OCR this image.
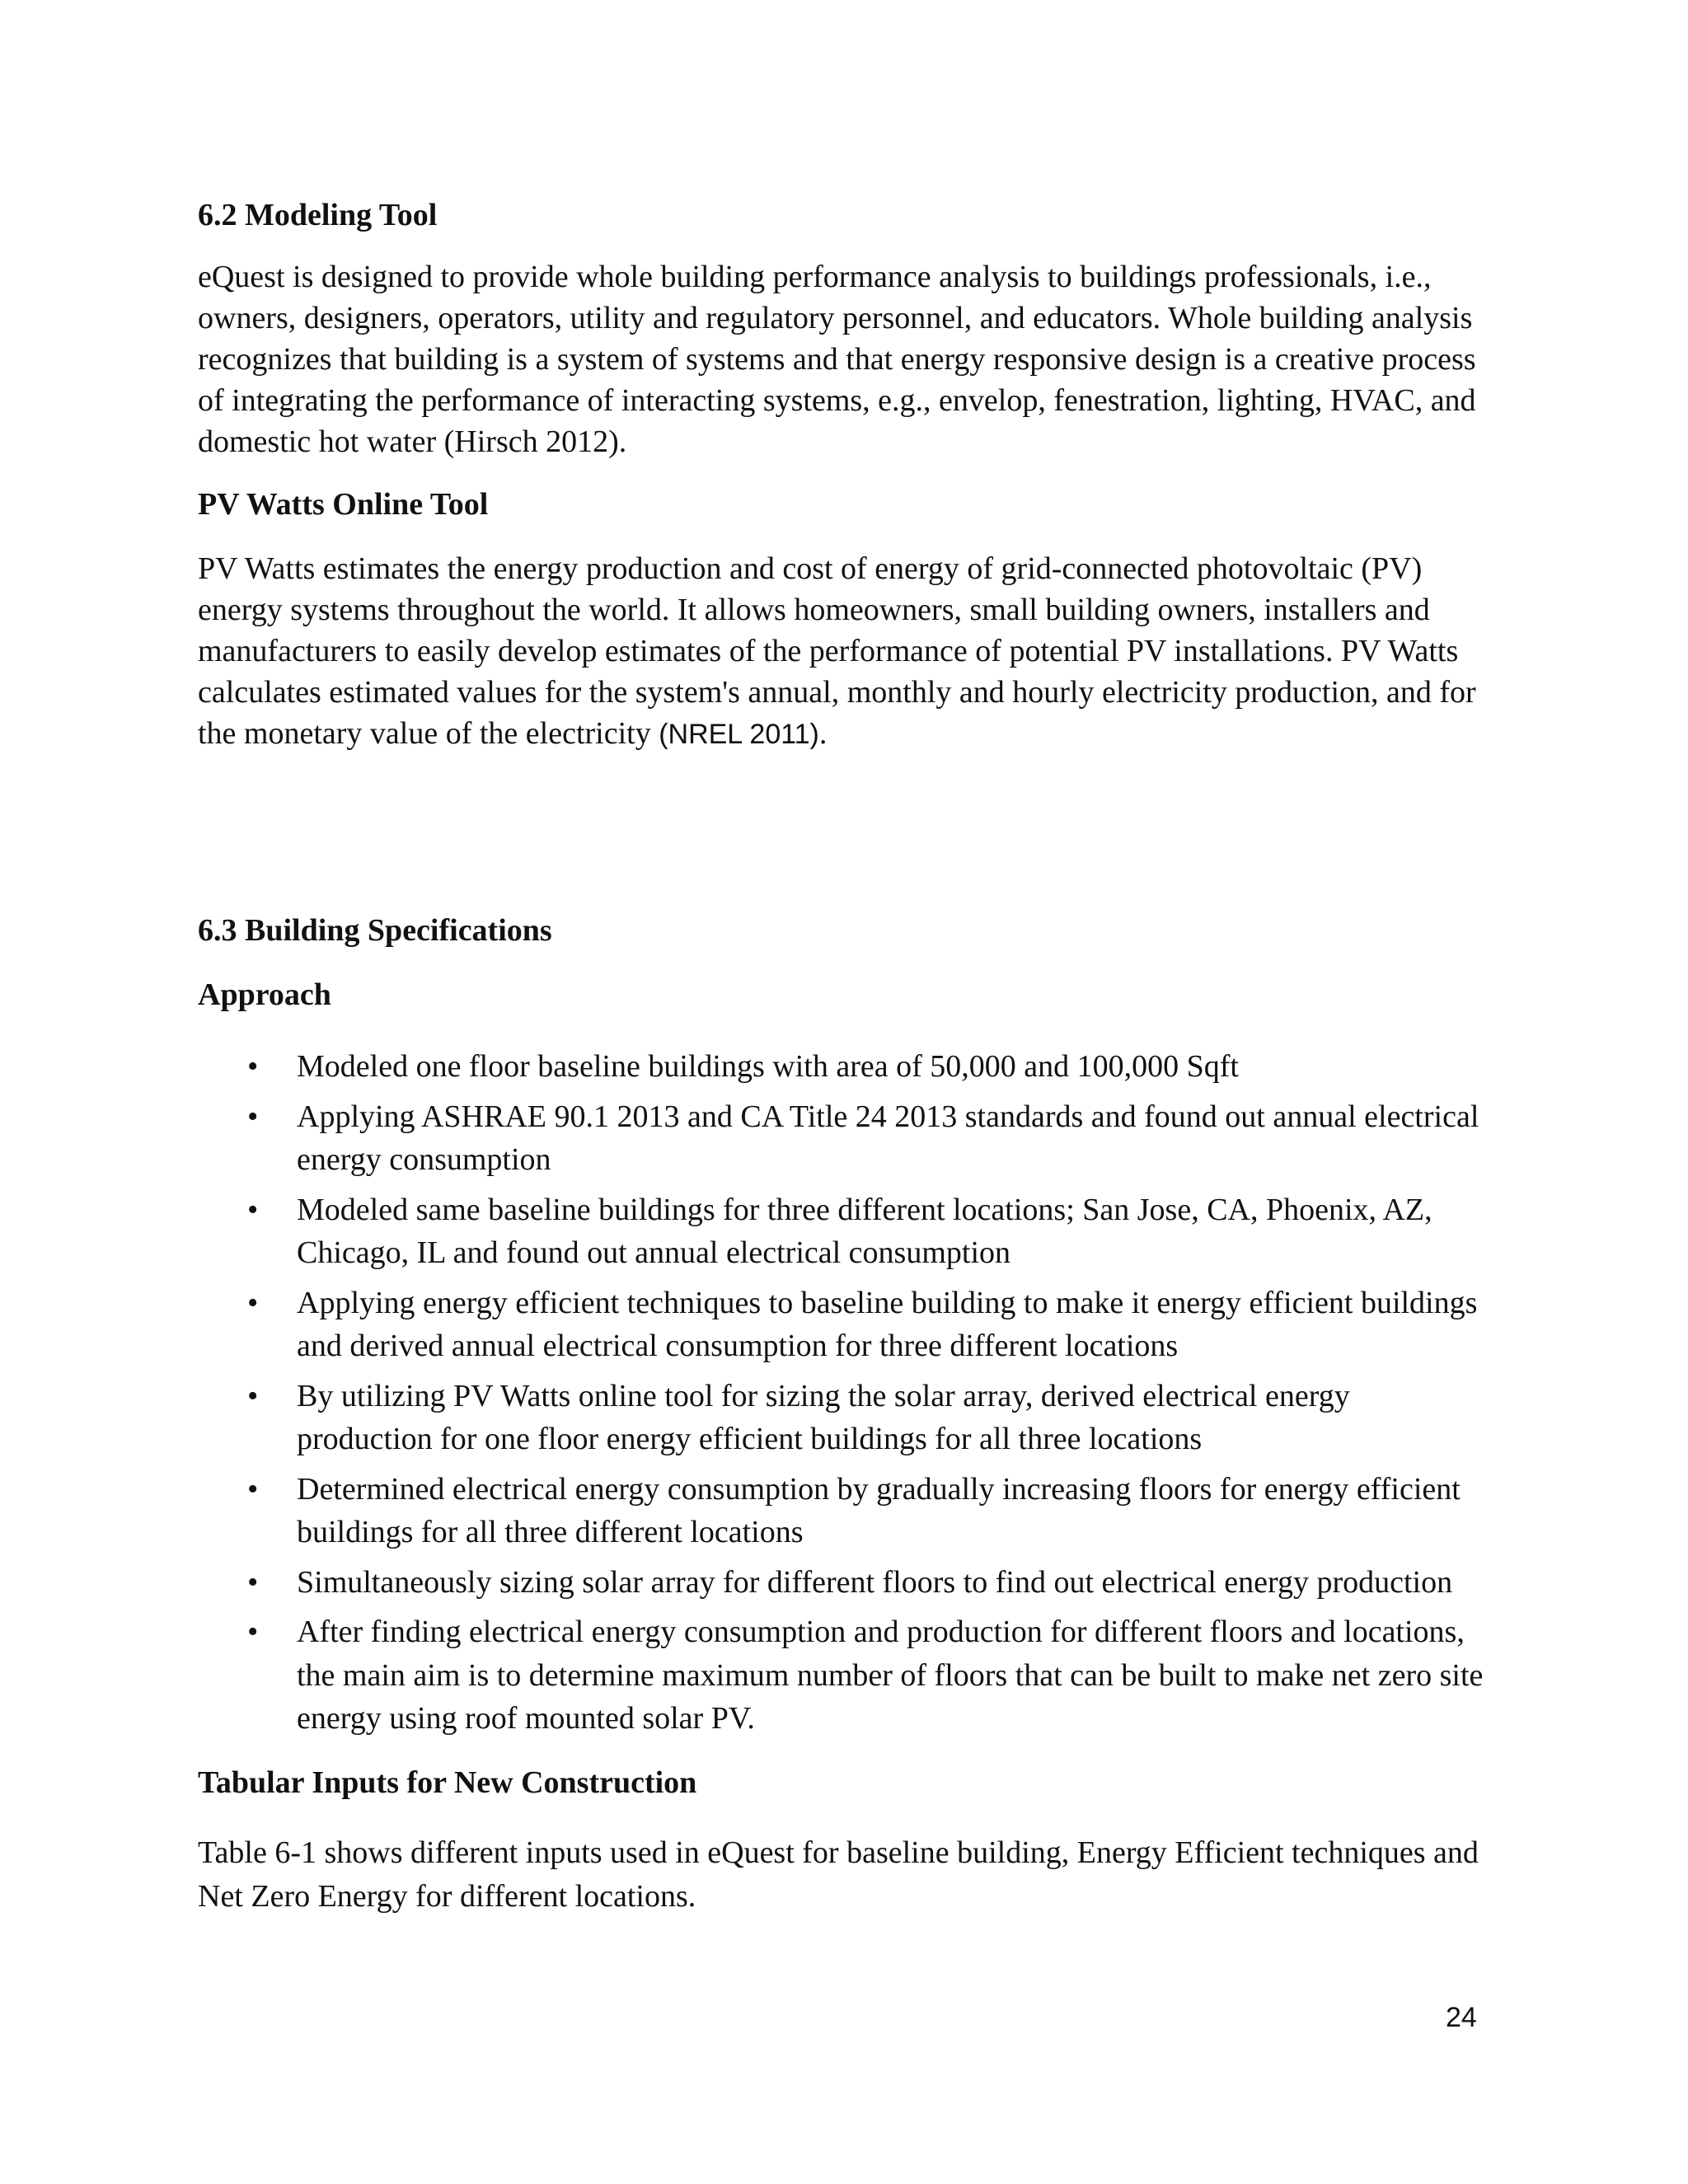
6.2 Modeling Tool

eQuest is designed to provide whole building performance analysis to buildings professionals, i.e., owners, designers, operators, utility and regulatory personnel, and educators. Whole building analysis recognizes that building is a system of systems and that energy responsive design is a creative process of integrating the performance of interacting systems, e.g., envelop, fenestration, lighting, HVAC, and domestic hot water (Hirsch 2012).

PV Watts Online Tool

PV Watts estimates the energy production and cost of energy of grid-connected photovoltaic (PV) energy systems throughout the world. It allows homeowners, small building owners, installers and manufacturers to easily develop estimates of the performance of potential PV installations. PV Watts calculates estimated values for the system's annual, monthly and hourly electricity production, and for the monetary value of the electricity (NREL 2011).

6.3 Building Specifications
Approach
• Modeled one floor baseline buildings with area of 50,000 and 100,000 Sqft
• Applying ASHRAE 90.1 2013 and CA Title 24 2013 standards and found out annual electrical energy consumption
• Modeled same baseline buildings for three different locations; San Jose, CA, Phoenix, AZ, Chicago, IL and found out annual electrical consumption
• Applying energy efficient techniques to baseline building to make it energy efficient buildings and derived annual electrical consumption for three different locations
• By utilizing PV Watts online tool for sizing the solar array, derived electrical energy production for one floor energy efficient buildings for all three locations
• Determined electrical energy consumption by gradually increasing floors for energy efficient buildings for all three different locations
• Simultaneously sizing solar array for different floors to find out electrical energy production
• After finding electrical energy consumption and production for different floors and locations, the main aim is to determine maximum number of floors that can be built to make net zero site energy using roof mounted solar PV.
Tabular Inputs for New Construction

Table 6-1 shows different inputs used in eQuest for baseline building, Energy Efficient techniques and Net Zero Energy for different locations.

24
